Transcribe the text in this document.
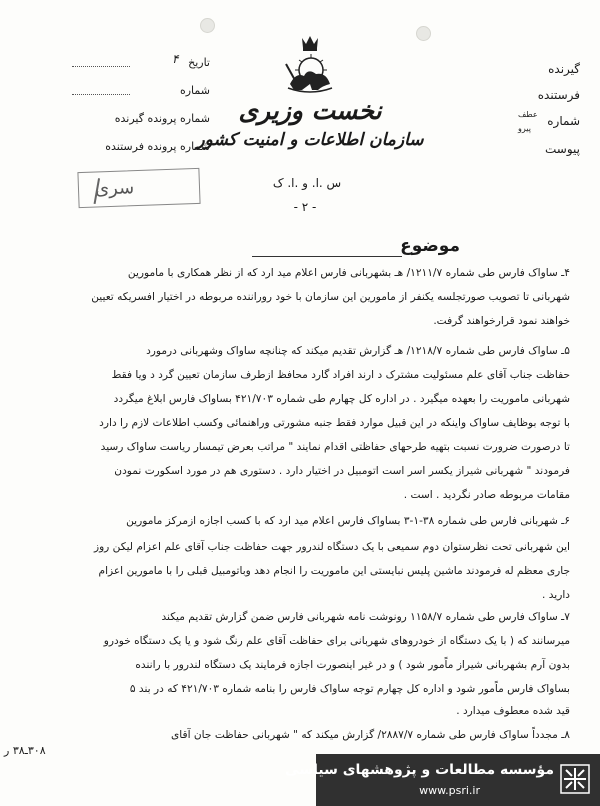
نخست وزیری
سازمان اطلاعات و امنیت کشور
س .ا. و .ا. ک
- ۲ -
تاریخ
۴
شماره
شماره پرونده گیرنده
شماره پرونده فرستنده
گیرنده
فرستنده
شماره
عطف
پیرو
پیوست
سری
موضوع
۴ـ ساواک فارس طی شماره ۱۲۱۱/۷/ هـ بشهربانی فارس اعلام مید ارد که از نظر همکاری با مامورین
شهربانی تا تصویب صورتجلسه یکنفر از مامورین این سازمان با خود روراننده مربوطه در اختیار افسریکه تعیین
خواهند نمود قرارخواهند گرفت.
۵ـ ساواک فارس طی شماره ۱۲۱۸/۷/ هـ گزارش تقدیم میکند که چنانچه ساواک وشهربانی درمورد
حفاظت جناب آقای علم مسئولیت مشترک د ارند افراد گارد محافظ ازطرف سازمان تعیین گرد د ویا فقط
شهربانی ماموریت را بعهده میگیرد . در اداره کل چهارم طی شماره ۴۲۱/۷۰۳ بساواک فارس ابلاغ میگردد
با توجه بوظایف ساواک واینکه در این قبیل موارد فقط جنبه مشورتی وراهنمائی وکسب اطلاعات لازم را دارد
تا درصورت ضرورت نسبت بتهیه طرحهای حفاظتی اقدام نمایند " مراتب بعرض تیمسار ریاست ساواک رسید
فرمودند " شهربانی شیراز یکسر اسر است اتومبیل در اختیار دارد . دستوری هم در مورد اسکورت نمودن
مقامات مربوطه صادر نگردید . است .
۶ـ شهربانی فارس طی شماره ۳۸-۱-۳ بساواک فارس اعلام مید ارد که با کسب اجازه ازمرکز مامورین
این شهربانی تحت نظرستوان دوم سمیعی با یک دستگاه لندرور جهت حفاظت جناب آقای علم اعزام لیکن روز
جاری معظم له فرمودند ماشین پلیس نبایستی این ماموریت را انجام دهد وباتومبیل قبلی را با مامورین اعزام
دارید .
۷ـ ساواک فارس طی شماره ۱۱۵۸/۷ رونوشت نامه شهربانی فارس ضمن گزارش تقدیم میکند
میرسانند که ( با یک دستگاه از خودروهای شهربانی برای حفاظت آقای علم رنگ شود و یا یک دستگاه خودرو
بدون آرم بشهربانی شیراز ماًمور شود ) و در غیر اینصورت اجازه فرمایند یک دستگاه لندرور با راننده
بساواک فارس ماًمور شود و اداره کل چهارم توجه ساواک فارس را بنامه شماره ۴۲۱/۷۰۳ که در بند ۵
قید شده معطوف میدارد .
۸ـ مجدداً ساواک فارس طی شماره ۲۸۸۷/۷/ گزارش میکند که " شهربانی حفاظت جان آقای
۳۰۸ـ۳۸ ر
مؤسسه مطالعات و پژوهشهای سیاسی
www.psri.ir
